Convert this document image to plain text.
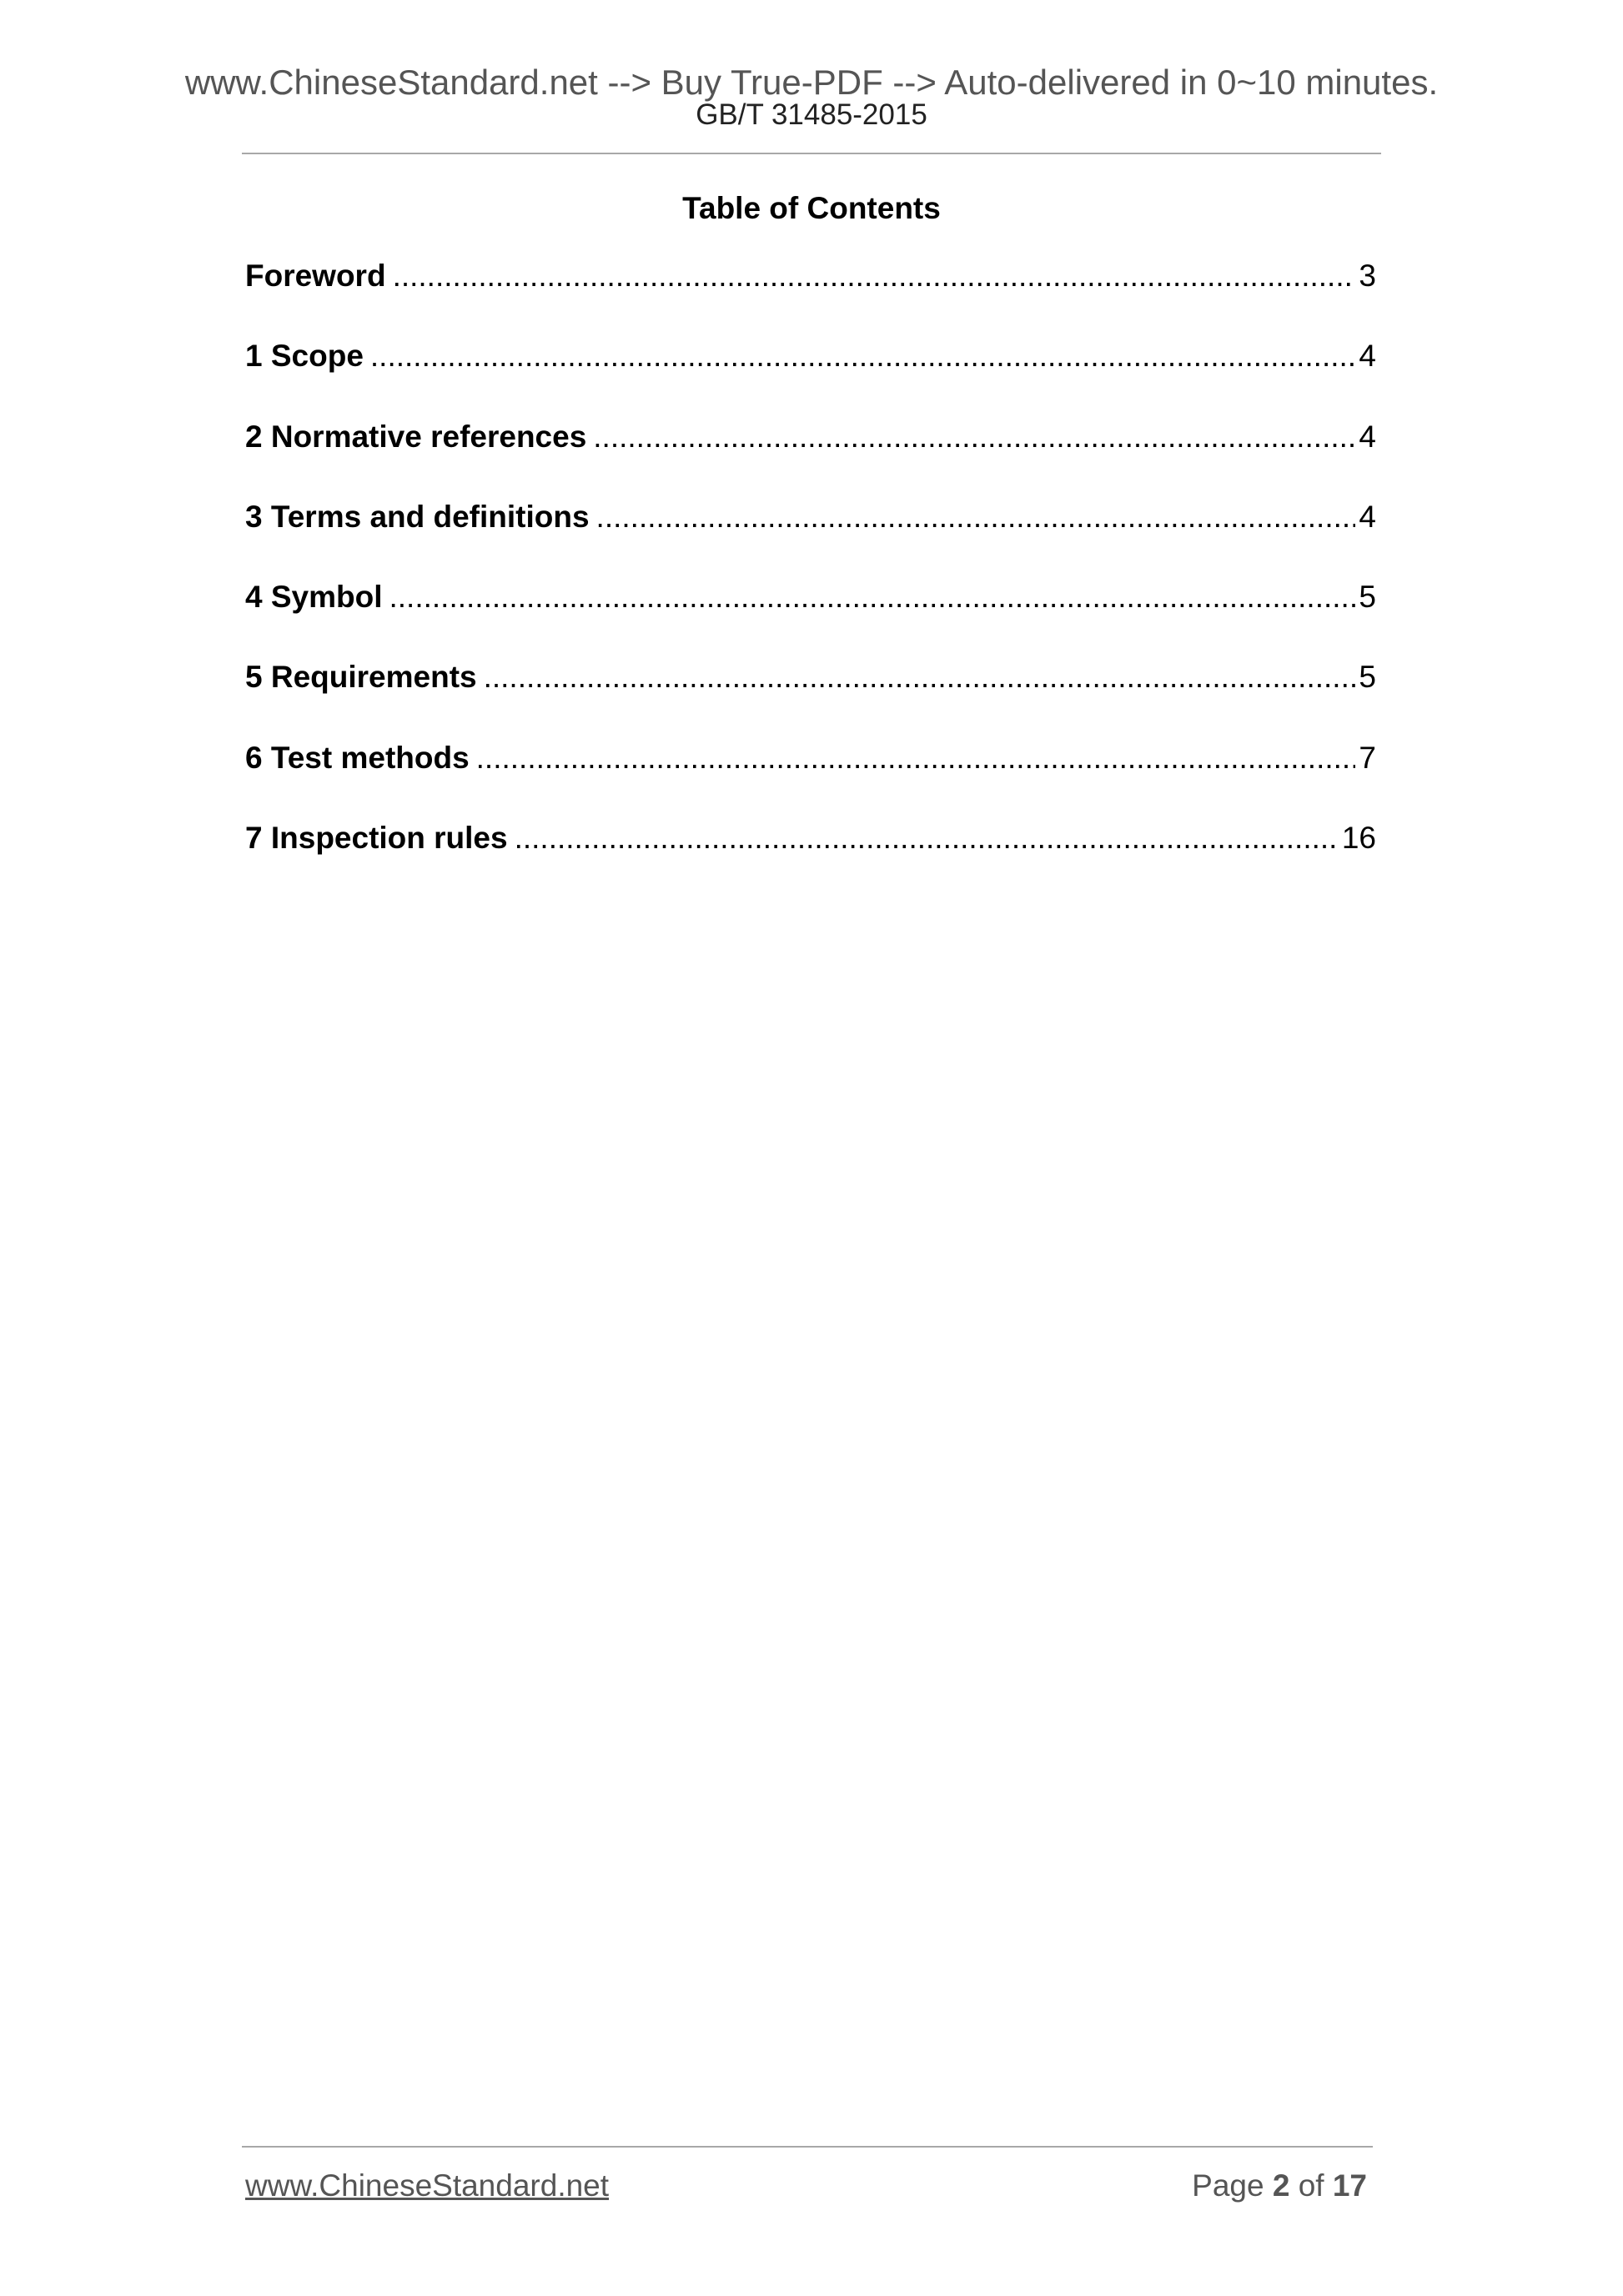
www.ChineseStandard.net --> Buy True-PDF --> Auto-delivered in 0~10 minutes.
GB/T 31485-2015
Table of Contents
Foreword .....	3
1 Scope .....	4
2 Normative references .....	4
3 Terms and definitions .....	4
4 Symbol .....	5
5 Requirements .....	5
6 Test methods .....	7
7 Inspection rules .....	16
www.ChineseStandard.net	Page 2 of 17
